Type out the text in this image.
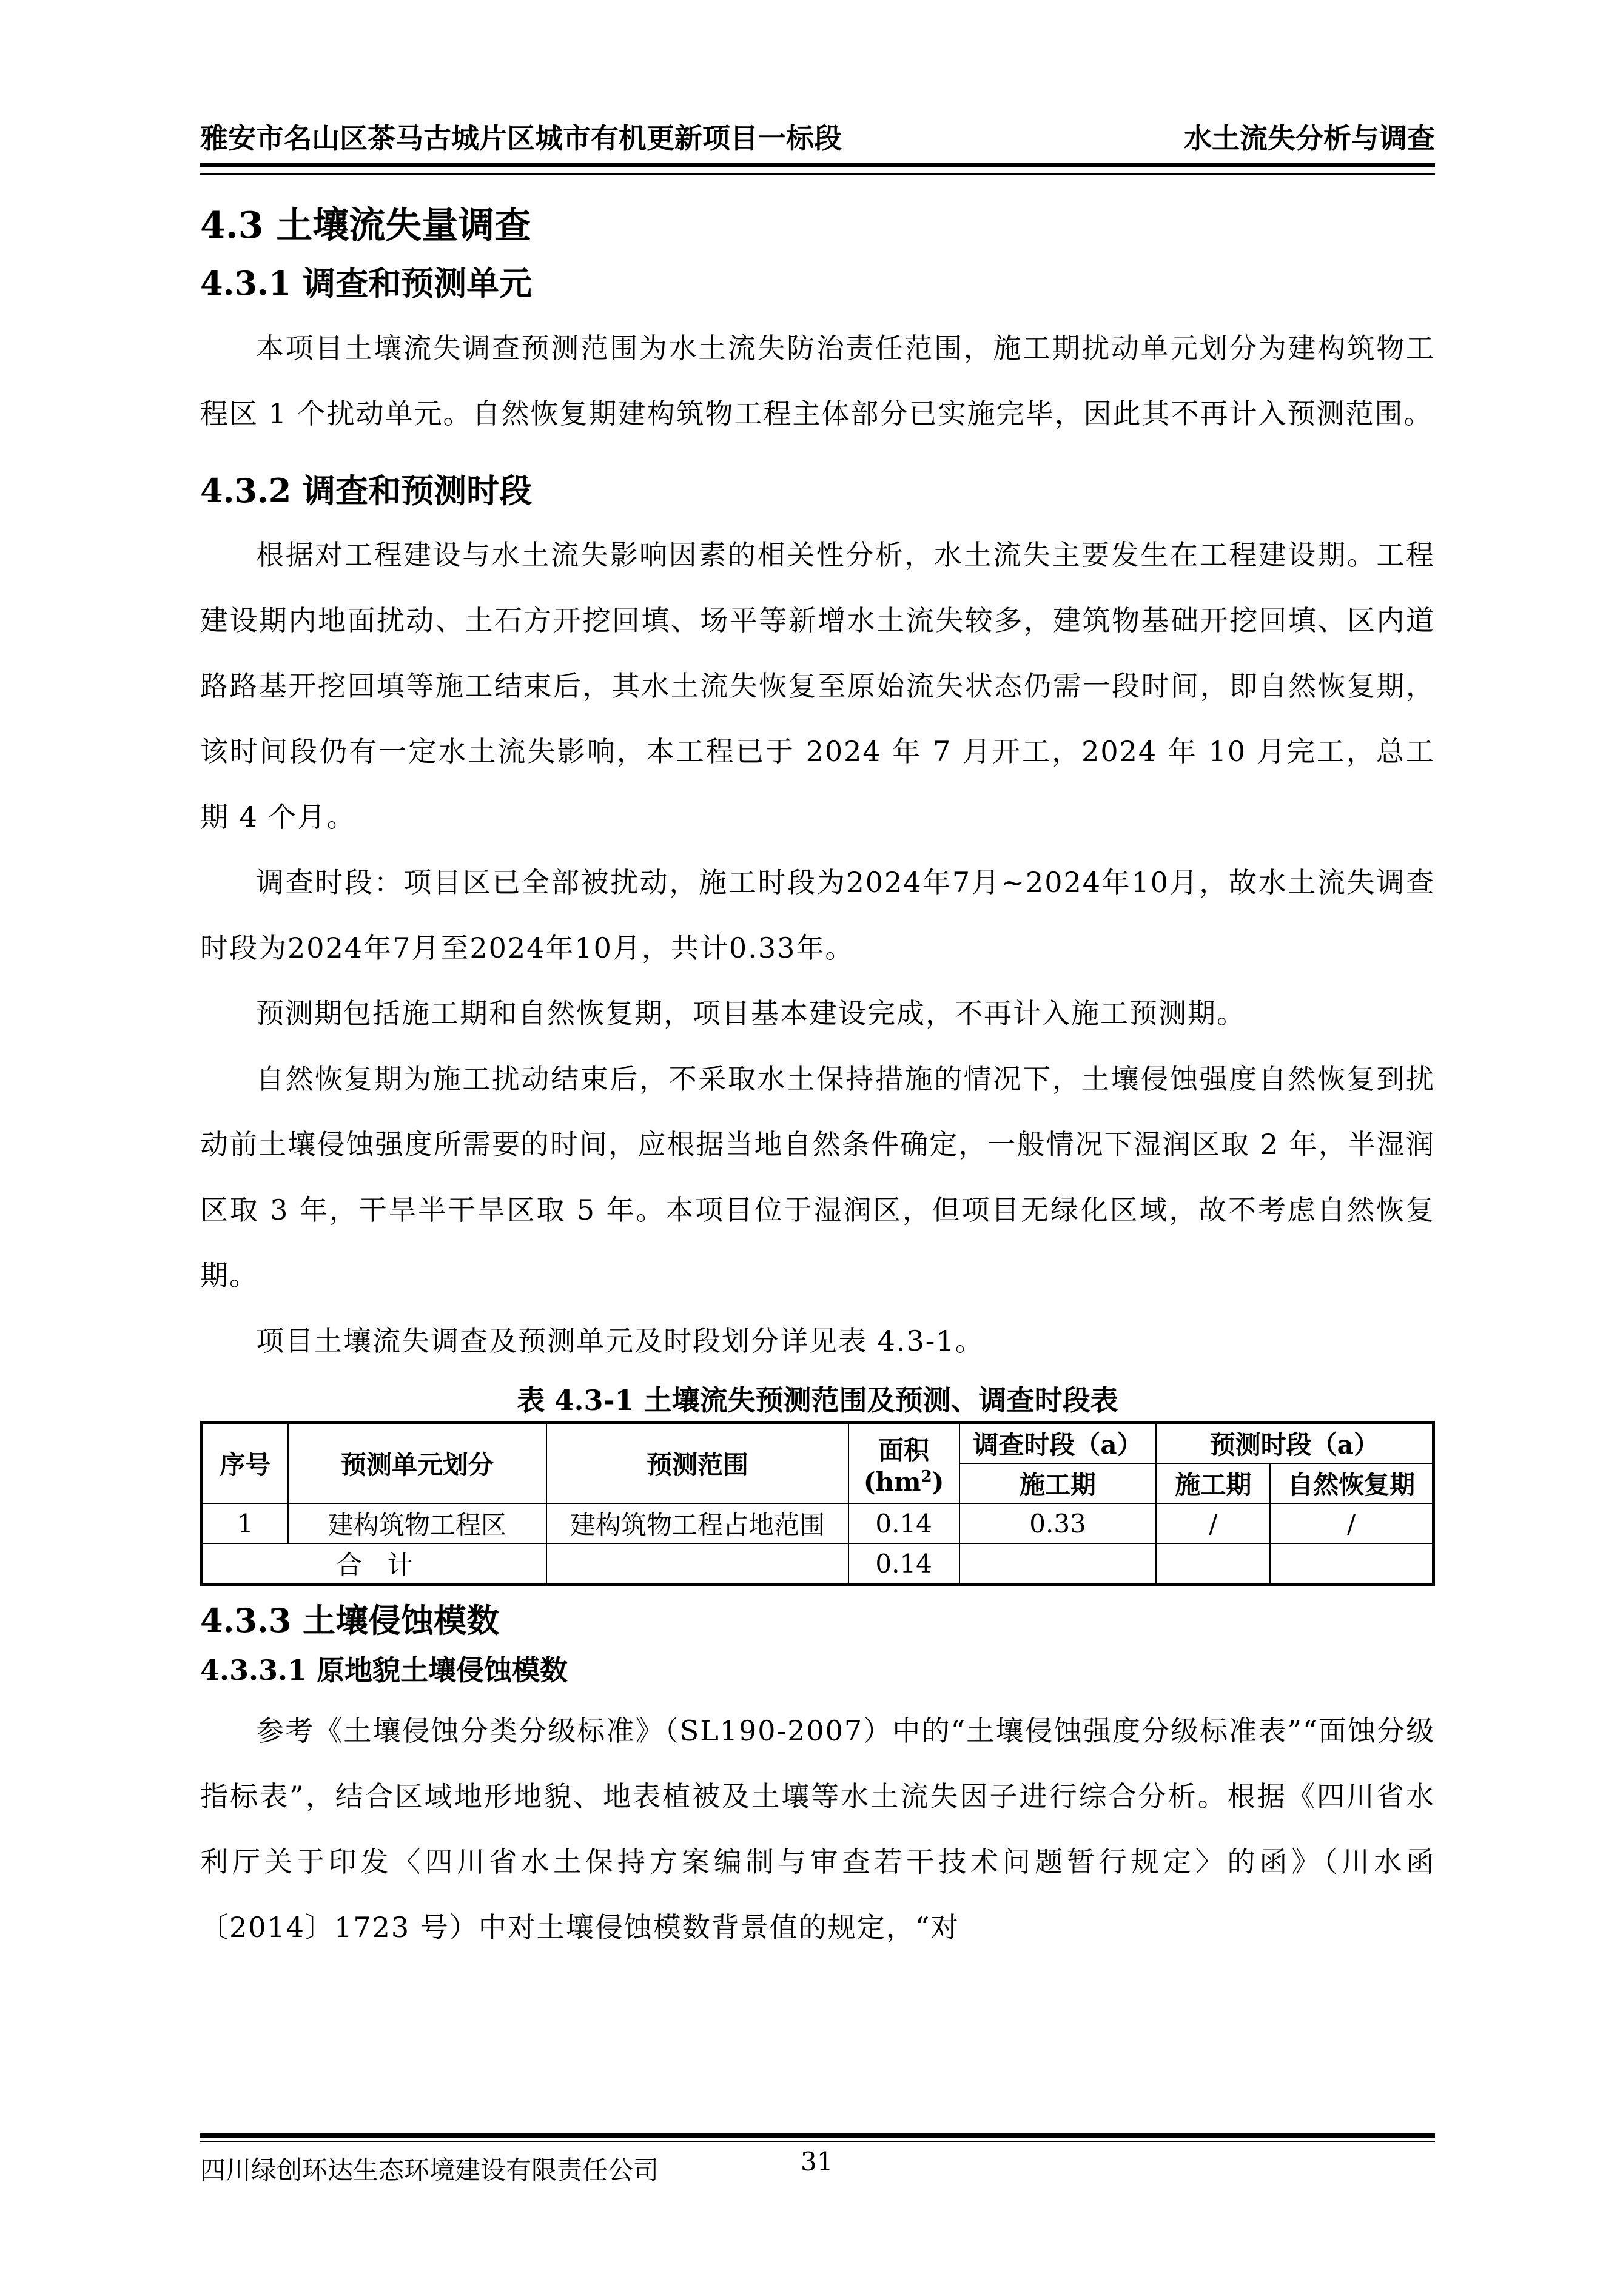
雅安市名山区茶马古城片区城市有机更新项目一标段	水土流失分析与调查
4.3 土壤流失量调查
4.3.1 调查和预测单元

本项目土壤流失调查预测范围为水土流失防治责任范围，施工期扰动单元划分为建构筑物工程区 1 个扰动单元。自然恢复期建构筑物工程主体部分已实施完毕，因此其不再计入预测范围。

4.3.2 调查和预测时段

根据对工程建设与水土流失影响因素的相关性分析，水土流失主要发生在工程建设期。工程建设期内地面扰动、土石方开挖回填、场平等新增水土流失较多，建筑物基础开挖回填、区内道路路基开挖回填等施工结束后，其水土流失恢复至原始流失状态仍需一段时间，即自然恢复期，该时间段仍有一定水土流失影响，本工程已于 2024 年 7 月开工，2024 年 10 月完工，总工期 4 个月。

调查时段：项目区已全部被扰动，施工时段为2024年7月~2024年10月，故水土流失调查时段为2024年7月至2024年10月，共计0.33年。

预测期包括施工期和自然恢复期，项目基本建设完成，不再计入施工预测期。

自然恢复期为施工扰动结束后，不采取水土保持措施的情况下，土壤侵蚀强度自然恢复到扰动前土壤侵蚀强度所需要的时间，应根据当地自然条件确定，一般情况下湿润区取 2 年，半湿润区取 3 年，干旱半干旱区取 5 年。本项目位于湿润区，但项目无绿化区域，故不考虑自然恢复期。

项目土壤流失调查及预测单元及时段划分详见表 4.3-1。

表 4.3-1 土壤流失预测范围及预测、调查时段表
序号	预测单元划分	预测范围	面积
$(hm^2)$	调查时段（a）	预测时段（a）	
				施工期	施工期	自然恢复期
1	建构筑物工程区	建构筑物工程占地范围	0.14	0.33	/	/
合　计			0.14			
4.3.3 土壤侵蚀模数
4.3.3.1 原地貌土壤侵蚀模数

参考《土壤侵蚀分类分级标准》（SL190-2007）中的“土壤侵蚀强度分级标准表”“面蚀分级指标表”，结合区域地形地貌、地表植被及土壤等水土流失因子进行综合分析。根据《四川省水利厅关于印发〈四川省水土保持方案编制与审查若干技术问题暂行规定〉的函》（川水函〔2014〕1723 号）中对土壤侵蚀模数背景值的规定，“对

四川绿创环达生态环境建设有限责任公司	31
